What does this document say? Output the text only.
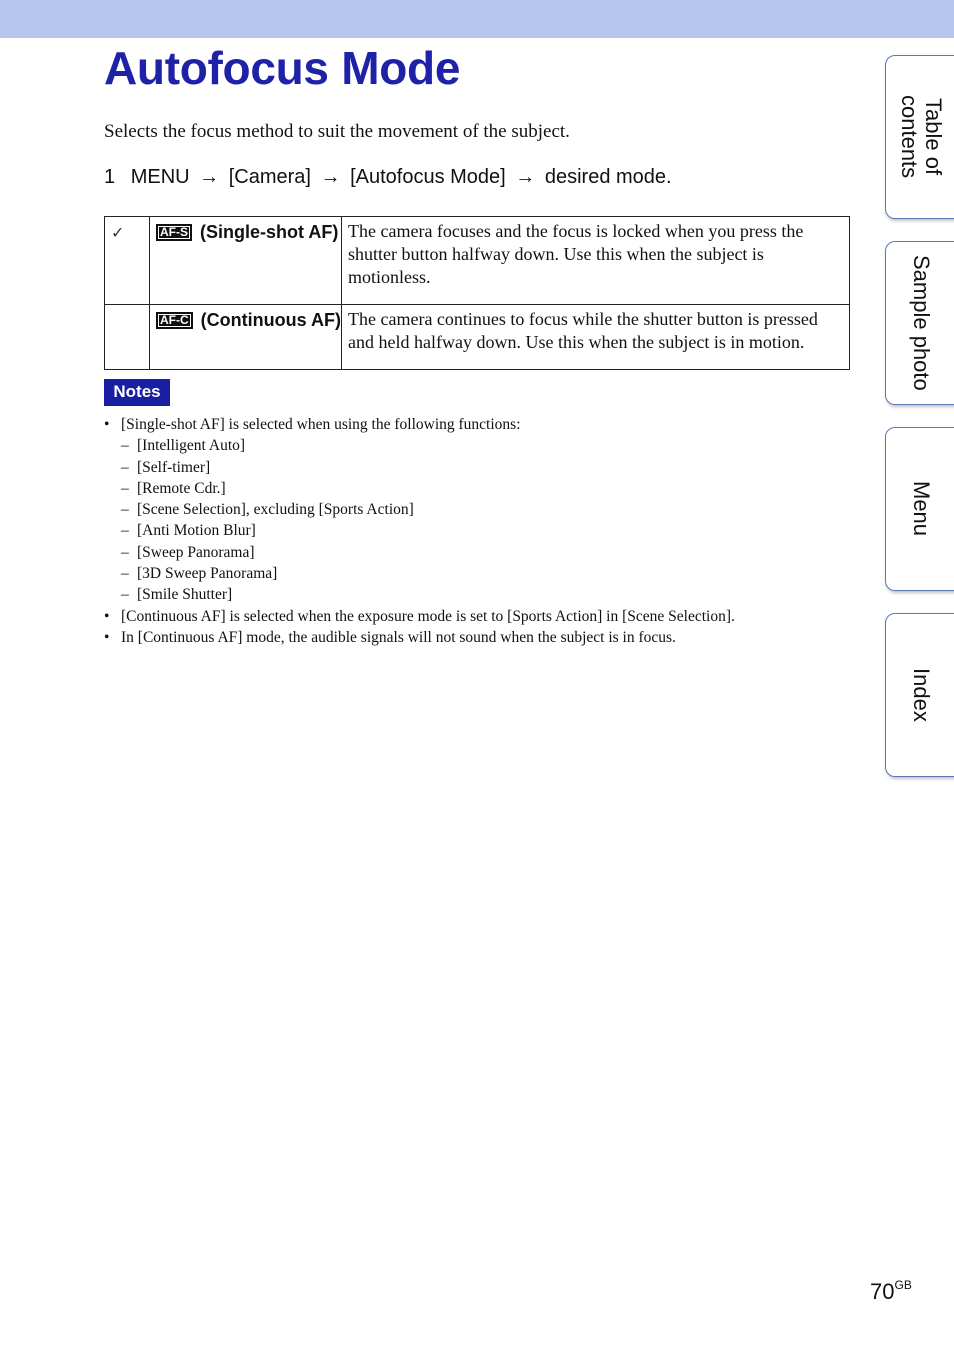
Autofocus Mode
Selects the focus method to suit the movement of the subject.
1 MENU → [Camera] → [Autofocus Mode] → desired mode.
✓	AF-S (Single-shot AF)	The camera focuses and the focus is locked when you press the shutter button halfway down. Use this when the subject is motionless.
	AF-C (Continuous AF)	The camera continues to focus while the shutter button is pressed and held halfway down. Use this when the subject is in motion.
Notes
• [Single-shot AF] is selected when using the following functions:
– [Intelligent Auto]
– [Self-timer]
– [Remote Cdr.]
– [Scene Selection], excluding [Sports Action]
– [Anti Motion Blur]
– [Sweep Panorama]
– [3D Sweep Panorama]
– [Smile Shutter]
• [Continuous AF] is selected when the exposure mode is set to [Sports Action] in [Scene Selection].
• In [Continuous AF] mode, the audible signals will not sound when the subject is in focus.
Table of contents
Sample photo
Menu
Index
$70^{GB}$
